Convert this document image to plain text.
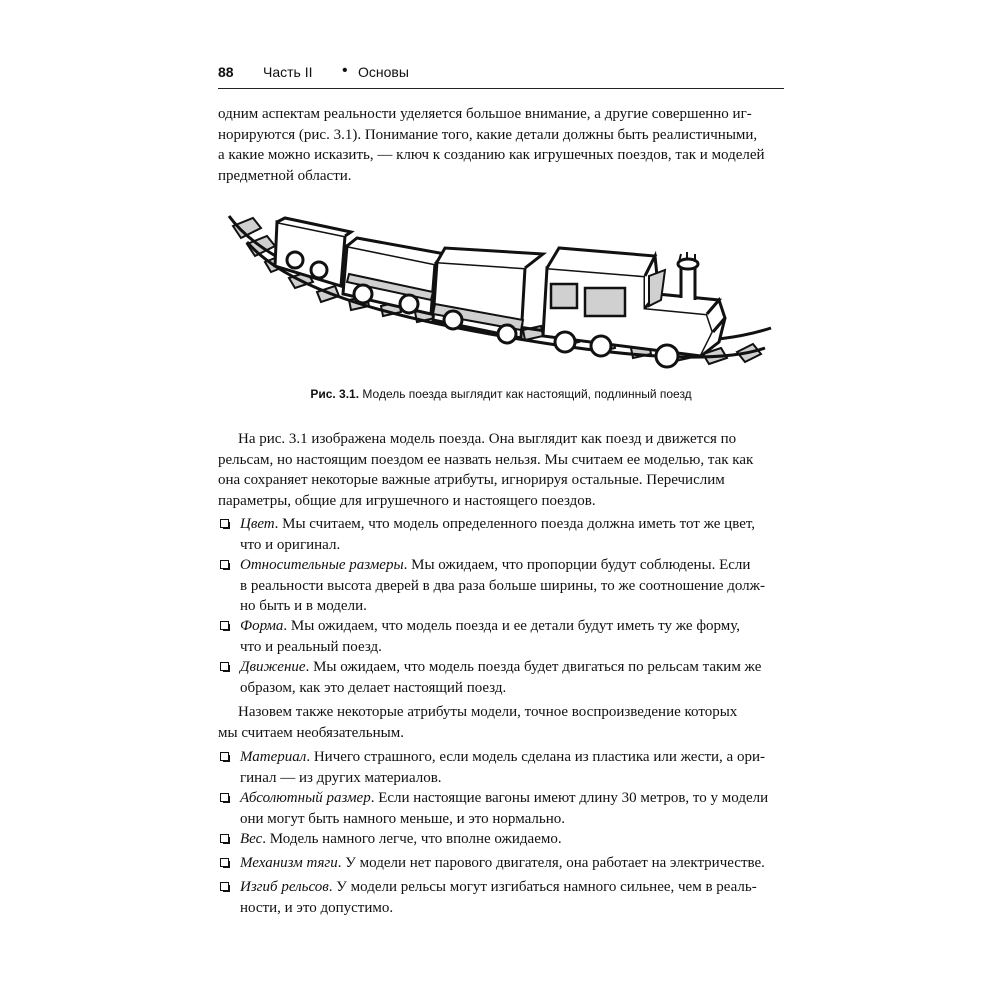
88 Часть II • Основы
одним аспектам реальности уделяется большое внимание, а другие совершенно иг-
норируются (рис. 3.1). Понимание того, какие детали должны быть реалистичными,
а какие можно исказить, — ключ к созданию как игрушечных поездов, так и моделей
предметной области.
Рис. 3.1. Модель поезда выглядит как настоящий, подлинный поезд
На рис. 3.1 изображена модель поезда. Она выглядит как поезд и движется по
рельсам, но настоящим поездом ее назвать нельзя. Мы считаем ее моделью, так как
она сохраняет некоторые важные атрибуты, игнорируя остальные. Перечислим
параметры, общие для игрушечного и настоящего поездов.
Цвет. Мы считаем, что модель определенного поезда должна иметь тот же цвет,
что и оригинал.
Относительные размеры. Мы ожидаем, что пропорции будут соблюдены. Если
в реальности высота дверей в два раза больше ширины, то же соотношение долж-
но быть и в модели.
Форма. Мы ожидаем, что модель поезда и ее детали будут иметь ту же форму,
что и реальный поезд.
Движение. Мы ожидаем, что модель поезда будет двигаться по рельсам таким же
образом, как это делает настоящий поезд.
Назовем также некоторые атрибуты модели, точное воспроизведение которых
мы считаем необязательным.
Материал. Ничего страшного, если модель сделана из пластика или жести, а ори-
гинал — из других материалов.
Абсолютный размер. Если настоящие вагоны имеют длину 30 метров, то у модели
они могут быть намного меньше, и это нормально.
Вес. Модель намного легче, что вполне ожидаемо.
Механизм тяги. У модели нет парового двигателя, она работает на электричестве.
Изгиб рельсов. У модели рельсы могут изгибаться намного сильнее, чем в реаль-
ности, и это допустимо.
